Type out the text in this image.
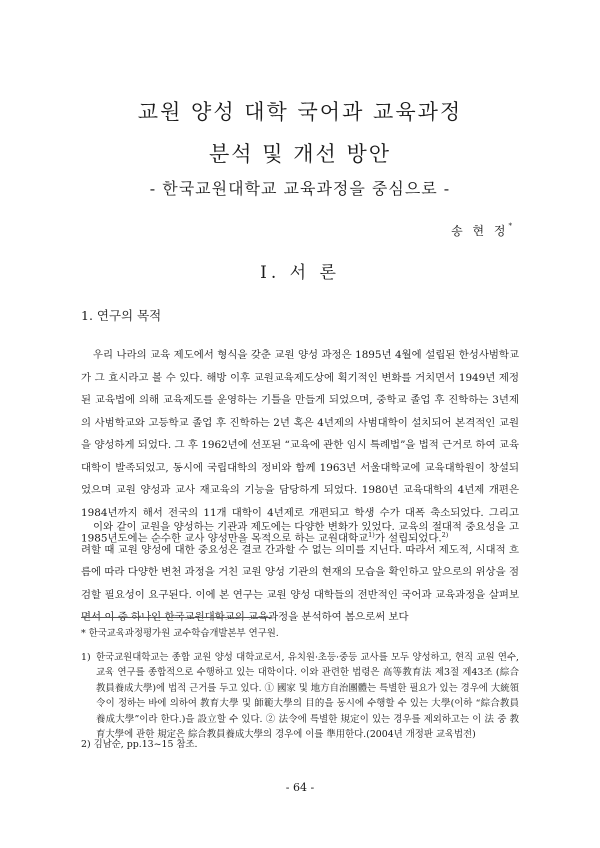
교원 양성 대학 국어과 교육과정
분석 및 개선 방안
- 한국교원대학교 교육과정을 중심으로 -
송 현 정*
Ⅰ. 서 론
1. 연구의 목적

우리 나라의 교육 제도에서 형식을 갖춘 교원 양성 과정은 1895년 4월에 설립된 한성사범학교가 그 효시라고 볼 수 있다. 해방 이후 교원교육제도상에 획기적인 변화를 거치면서 1949년 제정된 교육법에 의해 교육제도를 운영하는 기틀을 만들게 되었으며, 중학교 졸업 후 진학하는 3년제의 사범학교와 고등학교 졸업 후 진학하는 2년 혹은 4년제의 사범대학이 설치되어 본격적인 교원을 양성하게 되었다. 그 후 1962년에 선포된 “교육에 관한 임시 특례법”을 법적 근거로 하여 교육대학이 발족되었고, 동시에 국립대학의 정비와 함께 1963년 서울대학교에 교육대학원이 창설되었으며 교원 양성과 교사 재교육의 기능을 담당하게 되었다. 1980년 교육대학의 4년제 개편은 1984년까지 해서 전국의 11개 대학이 4년제로 개편되고 학생 수가 대폭 축소되었다. 그리고 1985년도에는 순수한 교사 양성만을 목적으로 하는 교원대학교$^{1)}$가 설립되었다.$^{2)}$

이와 같이 교원을 양성하는 기관과 제도에는 다양한 변화가 있었다. 교육의 절대적 중요성을 고려할 때 교원 양성에 대한 중요성은 결코 간과할 수 없는 의미를 지닌다. 따라서 제도적, 시대적 흐름에 따라 다양한 변천 과정을 거친 교원 양성 기관의 현재의 모습을 확인하고 앞으로의 위상을 점검할 필요성이 요구된다. 이에 본 연구는 교원 양성 대학들의 전반적인 국어과 교육과정을 살펴보면서 이 중 하나인 한국교원대학교의 교육과정을 분석하여 봄으로써 보다

* 한국교육과정평가원 교수학습개발본부 연구원.

1) 한국교원대학교는 종합 교원 양성 대학교로서, 유치원·초등·중등 교사를 모두 양성하고, 현직 교원 연수, 교육 연구를 종합적으로 수행하고 있는 대학이다. 이와 관련한 법령은 高等教育法 제3절 제43조 (綜合教員養成大學)에 법적 근거를 두고 있다. ① 國家 및 地方自治團體는 특별한 필요가 있는 경우에 大統領令이 정하는 바에 의하여 教育大學 및 師範大學의 目的을 동시에 수행할 수 있는 大學(이하 “綜合教員養成大學”이라 한다.)을 設立할 수 있다. ② 法令에 특별한 規定이 있는 경우를 제외하고는 이 法 중 教育大學에 관한 規定은 綜合教員養成大學의 경우에 이를 準用한다.(2004년 개정판 교육법전)

2) 김남순, pp.13~15 참조.

- 64 -
